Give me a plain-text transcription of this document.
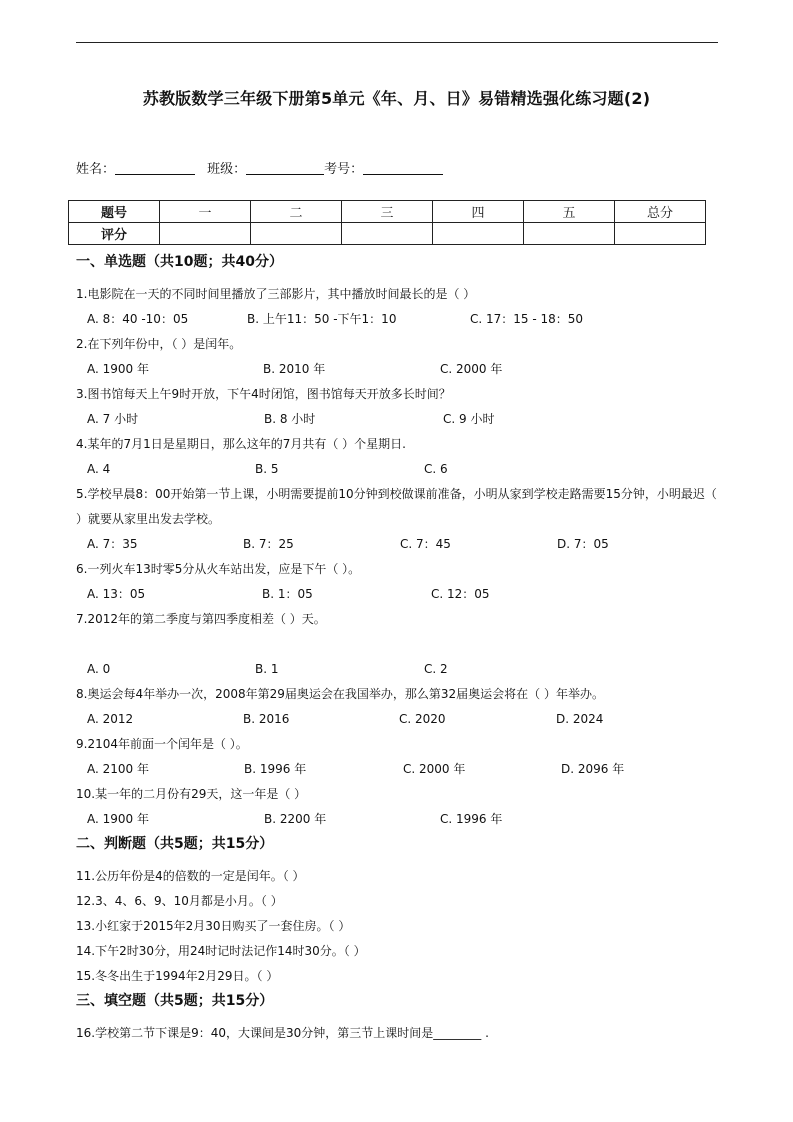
苏教版数学三年级下册第5单元《年、月、日》易错精选强化练习题(2)
姓名：	班级：	考号：
题号	一	二	三	四	五	总分
评分						
一、单选题（共10题；共40分）
1.电影院在一天的不同时间里播放了三部影片，其中播放时间最长的是（ ）
A. 8：40 -10：05	B. 上午11：50 -下午1：10	C. 17：15 - 18：50
2.在下列年份中，（ ）是闰年。
A. 1900 年	B. 2010 年	C. 2000 年
3.图书馆每天上午9时开放，下午4时闭馆，图书馆每天开放多长时间？
A. 7 小时	B. 8 小时	C. 9 小时
4.某年的7月1日是星期日，那么这年的7月共有（ ）个星期日.
A. 4	B. 5	C. 6
5.学校早晨8：00开始第一节上课，小明需要提前10分钟到校做课前准备，小明从家到学校走路需要15分钟，小明最迟（ ）就要从家里出发去学校。
A. 7：35	B. 7：25	C. 7：45	D. 7：05
6.一列火车13时零5分从火车站出发，应是下午（ ）。
A. 13：05	B. 1：05	C. 12：05
7.2012年的第二季度与第四季度相差（ ）天。
A. 0	B. 1	C. 2
8.奥运会每4年举办一次，2008年第29届奥运会在我国举办，那么第32届奥运会将在（ ）年举办。
A. 2012	B. 2016	C. 2020	D. 2024
9.2104年前面一个闰年是（ ）。
A. 2100 年	B. 1996 年	C. 2000 年	D. 2096 年
10.某一年的二月份有29天，这一年是（ ）
A. 1900 年	B. 2200 年	C. 1996 年
二、判断题（共5题；共15分）
11.公历年份是4的倍数的一定是闰年。（ ）
12.3、4、6、9、10月都是小月。（ ）
13.小红家于2015年2月30日购买了一套住房。（ ）
14.下午2时30分，用24时记时法记作14时30分。（ ）
15.冬冬出生于1994年2月29日。（ ）
三、填空题（共5题；共15分）
16.学校第二节下课是9：40，大课间是30分钟，第三节上课时间是________ .
